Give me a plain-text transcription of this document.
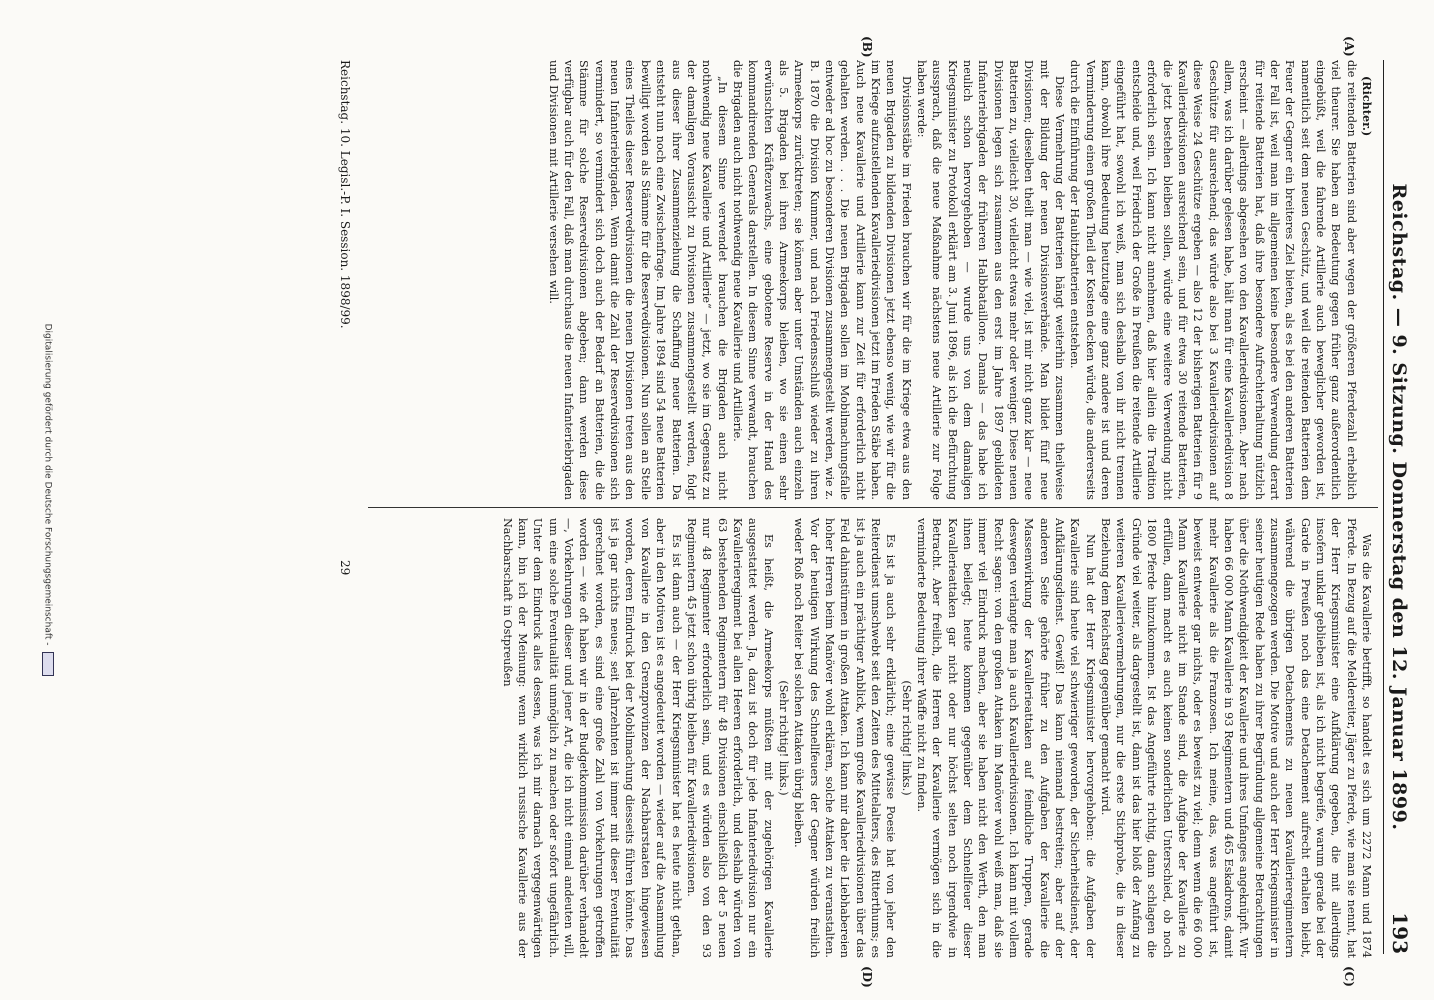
Reichstag. — 9. Sitzung. Donnerstag den 12. Januar 1899.
193
(A)
(B)
(C)
(D)

(Richter.)

die reitenden Batterien sind aber wegen der größeren Pferdezahl erheblich viel theurer. Sie haben an Bedeutung gegen früher ganz außerordentlich eingebüßt, weil die fahrende Artillerie auch beweglicher geworden ist, namentlich seit dem neuen Geschütz, und weil die reitenden Batterien dem Feuer der Gegner ein breiteres Ziel bieten, als es bei den anderen Batterien der Fall ist, weil man im allgemeinen keine besondere Verwendung derart für reitende Batterien hat, daß ihre besondere Aufrechterhaltung nützlich erscheint — allerdings abgesehen von den Kavalleriedivisionen. Aber nach allem, was ich darüber gelesen habe, hält man für eine Kavalleriedivision 8 Geschütze für ausreichend; das würde also bei 3 Kavalleriedivisionen auf diese Weise 24 Geschütze ergeben — also 12 der bisherigen Batterien für 9 Kavalleriedivisionen ausreichend sein, und für etwa 30 reitende Batterien, die jetzt bestehen bleiben sollen, würde eine weitere Verwendung nicht erforderlich sein. Ich kann nicht annehmen, daß hier allein die Tradition entscheide und, weil Friedrich der Große in Preußen die reitende Artillerie eingeführt hat, sowohl ich weiß, man sich deshalb von ihr nicht trennen kann, obwohl ihre Bedeutung heutzutage eine ganz andere ist und deren Verminderung einen großen Theil der Kosten decken würde, die andererseits durch die Einführung der Haubitzbatterien entstehen.

Diese Vermehrung der Batterien hängt weiterhin zusammen theilweise mit der Bildung der neuen Divisionsverbände. Man bildet fünf neue Divisionen; dieselben theilt man — wie viel, ist mir nicht ganz klar — neue Batterien zu, vielleicht 30, vielleicht etwas mehr oder weniger. Diese neuen Divisionen legen sich zusammen aus den erst im Jahre 1897 gebildeten Infanteriebrigaden der früheren Halbbataillone. Damals — das habe ich neulich schon hervorgehoben — wurde uns von dem damaligen Kriegsminister zu Protokoll erklärt am 3. Juni 1896, als ich die Befürchtung aussprach, daß die neue Maßnahme nächstens neue Artillerie zur Folge haben werde:

Divisionsstäbe im Frieden brauchen wir für die im Kriege etwa aus den neuen Brigaden zu bildenden Divisionen jetzt ebenso wenig, wie wir für die im Kriege aufzustellenden Kavalleriedivisionen jetzt im Frieden Stäbe haben. Auch neue Kavallerie und Artillerie kann zur Zeit für erforderlich nicht gehalten werden. . . . Die neuen Brigaden sollen im Mobilmachungsfalle entweder ad hoc zu besonderen Divisionen zusammengestellt werden, wie z. B. 1870 die Division Kummer, und nach Friedensschluß wieder zu ihren Armeekorps zurücktreten; sie können aber unter Umständen auch einzeln als 5. Brigaden bei ihren Armeekorps bleiben, wo sie einen sehr erwünschten Kräftezuwachs, eine gebotene Reserve in der Hand des kommandirenden Generals darstellen. In diesem Sinne verwandt, brauchen die Brigaden auch nicht nothwendig neue Kavallerie und Artillerie.

„In diesem Sinne verwendet brauchen die Brigaden auch nicht nothwendig neue Kavallerie und Artillerie“ — jetzt, wo sie im Gegensatz zu der damaligen Voraussicht zu Divisionen zusammengestellt werden, folgt aus dieser ihrer Zusammenziehung die Schaffung neuer Batterien. Da entsteht nun noch eine Zwischenfrage. Im Jahre 1894 sind 54 neue Batterien bewilligt worden als Stämme für die Reservedivisionen. Nun sollen an Stelle eines Theiles dieser Reservedivisionen die neuen Divisionen treten aus den neuen Infanteriebrigaden. Wenn damit die Zahl der Reservedivisionen sich vermindert, so vermindert sich doch auch der Bedarf an Batterien, die die Stämme für solche Reservedivisionen abgeben; dann werden diese verfügbar auch für den Fall, daß man durchaus die neuen Infanteriebrigaden und Divisionen mit Artillerie versehen will.

Was die Kavallerie betrifft, so handelt es sich um 2272 Mann und 1874 Pferde. In Bezug auf die Meldereiter, Jäger zu Pferde, wie man sie nennt, hat der Herr Kriegsminister eine Aufklärung gegeben, die mit allerdings insofern unklar geblieben ist, als ich nicht begreife, warum gerade bei der Garde in Preußen noch das eine Detachement aufrecht erhalten bleibt, während die übrigen Detachements zu neuen Kavallerieregimentern zusammengezogen werden. Die Motive und auch der Herr Kriegsminister in seiner heutigen Rede haben zu ihrer Begründung allgemeine Betrachtungen über die Nothwendigkeit der Kavallerie und ihres Umfanges angeknüpft. Wir haben 66 000 Mann Kavallerie in 93 Regimentern und 465 Eskadrons, damit mehr Kavallerie als die Franzosen. Ich meine, das, was angeführt ist, beweist entweder gar nichts, oder es beweist zu viel; denn wenn die 66 000 Mann Kavallerie nicht im Stande sind, die Aufgabe der Kavallerie zu erfüllen, dann macht es auch keinen sonderlichen Unterschied, ob noch 1800 Pferde hinzukommen. Ist das Angeführte richtig, dann schlagen die Gründe viel weiter, als dargestellt ist, dann ist das hier bloß der Anfang zu weiteren Kavallerievermehrungen, nur die erste Stichprobe, die in dieser Beziehung dem Reichstag gegenüber gemacht wird.

Nun hat der Herr Kriegsminister hervorgehoben: die Aufgaben der Kavallerie sind heute viel schwieriger geworden, der Sicherheitsdienst, der Aufklärungsdienst. Gewiß! Das kann niemand bestreiten; aber auf der anderen Seite gehörte früher zu den Aufgaben der Kavallerie die Massenwirkung der Kavallerieattaken auf feindliche Truppen, gerade deswegen verlangte man ja auch Kavalleriedivisionen. Ich kann mit vollem Recht sagen: von den großen Attaken im Manöver wohl weiß man, daß sie immer viel Eindruck machen, aber sie haben nicht den Werth, den man ihnen beilegt; heute kommen gegenüber dem Schnellfeuer dieser Kavallerieattaken gar nicht oder nur höchst selten noch irgendwie in Betracht. Aber freilich, die Herren der Kavallerie vermögen sich in die verminderte Bedeutung ihrer Waffe nicht zu finden.

(Sehr richtig! links.)

Es ist ja auch sehr erklärlich; eine gewisse Poesie hat von jeher den Reiterdienst umschwebt seit den Zeiten des Mittelalters, des Ritterthums; es ist ja auch ein prächtiger Anblick, wenn große Kavalleriedivisionen über das Feld dahinstürmen in großen Attaken. Ich kann mir daher die Liebhabereien hoher Herren beim Manöver wohl erklären, solche Attaken zu veranstalten. Vor der heutigen Wirkung des Schnellfeuers der Gegner würden freilich weder Roß noch Reiter bei solchen Attaken übrig bleiben.

(Sehr richtig! links.)

Es heißt, die Armeekorps müßten mit der zugehörigen Kavallerie ausgestattet werden. Ja, dazu ist doch für jede Infanteriedivision nur ein Kavallerieregiment bei allen Heeren erforderlich, und deshalb würden von 63 bestehenden Regimentern für 48 Divisionen einschließlich der 5 neuen nur 48 Regimenter erforderlich sein, und es würden also von den 93 Regimentern 45 jetzt schon übrig bleiben für Kavalleriedivisionen.

Es ist dann auch — der Herr Kriegsminister hat es heute nicht gethan, aber in den Motiven ist es angedeutet worden — wieder auf die Ansammlung von Kavallerie in den Grenzprovinzen der Nachbarstaaten hingewiesen worden, deren Eindruck bei der Mobilmachung diesseits führen könnte. Das ist ja gar nichts neues; seit Jahrzehnten ist immer mit dieser Eventualität gerechnet worden, es sind eine große Zahl von Vorkehrungen getroffen worden — wie oft haben wir in der Budgetkommission darüber verhandelt —, Vorkehrungen dieser und jener Art, die ich nicht einmal andeuten will, um eine solche Eventualität unmöglich zu machen oder sofort ungefährlich. Unter dem Eindruck alles dessen, was ich mir darnach vergegenwärtigen kann, bin ich der Meinung: wenn wirklich russische Kavallerie aus der Nachbarschaft in Ostpreußen

Reichstag. 10. Legisl.-P. I. Session. 1898/99.
29
Digitalisierung gefördert durch die Deutsche Forschungsgemeinschaft -
